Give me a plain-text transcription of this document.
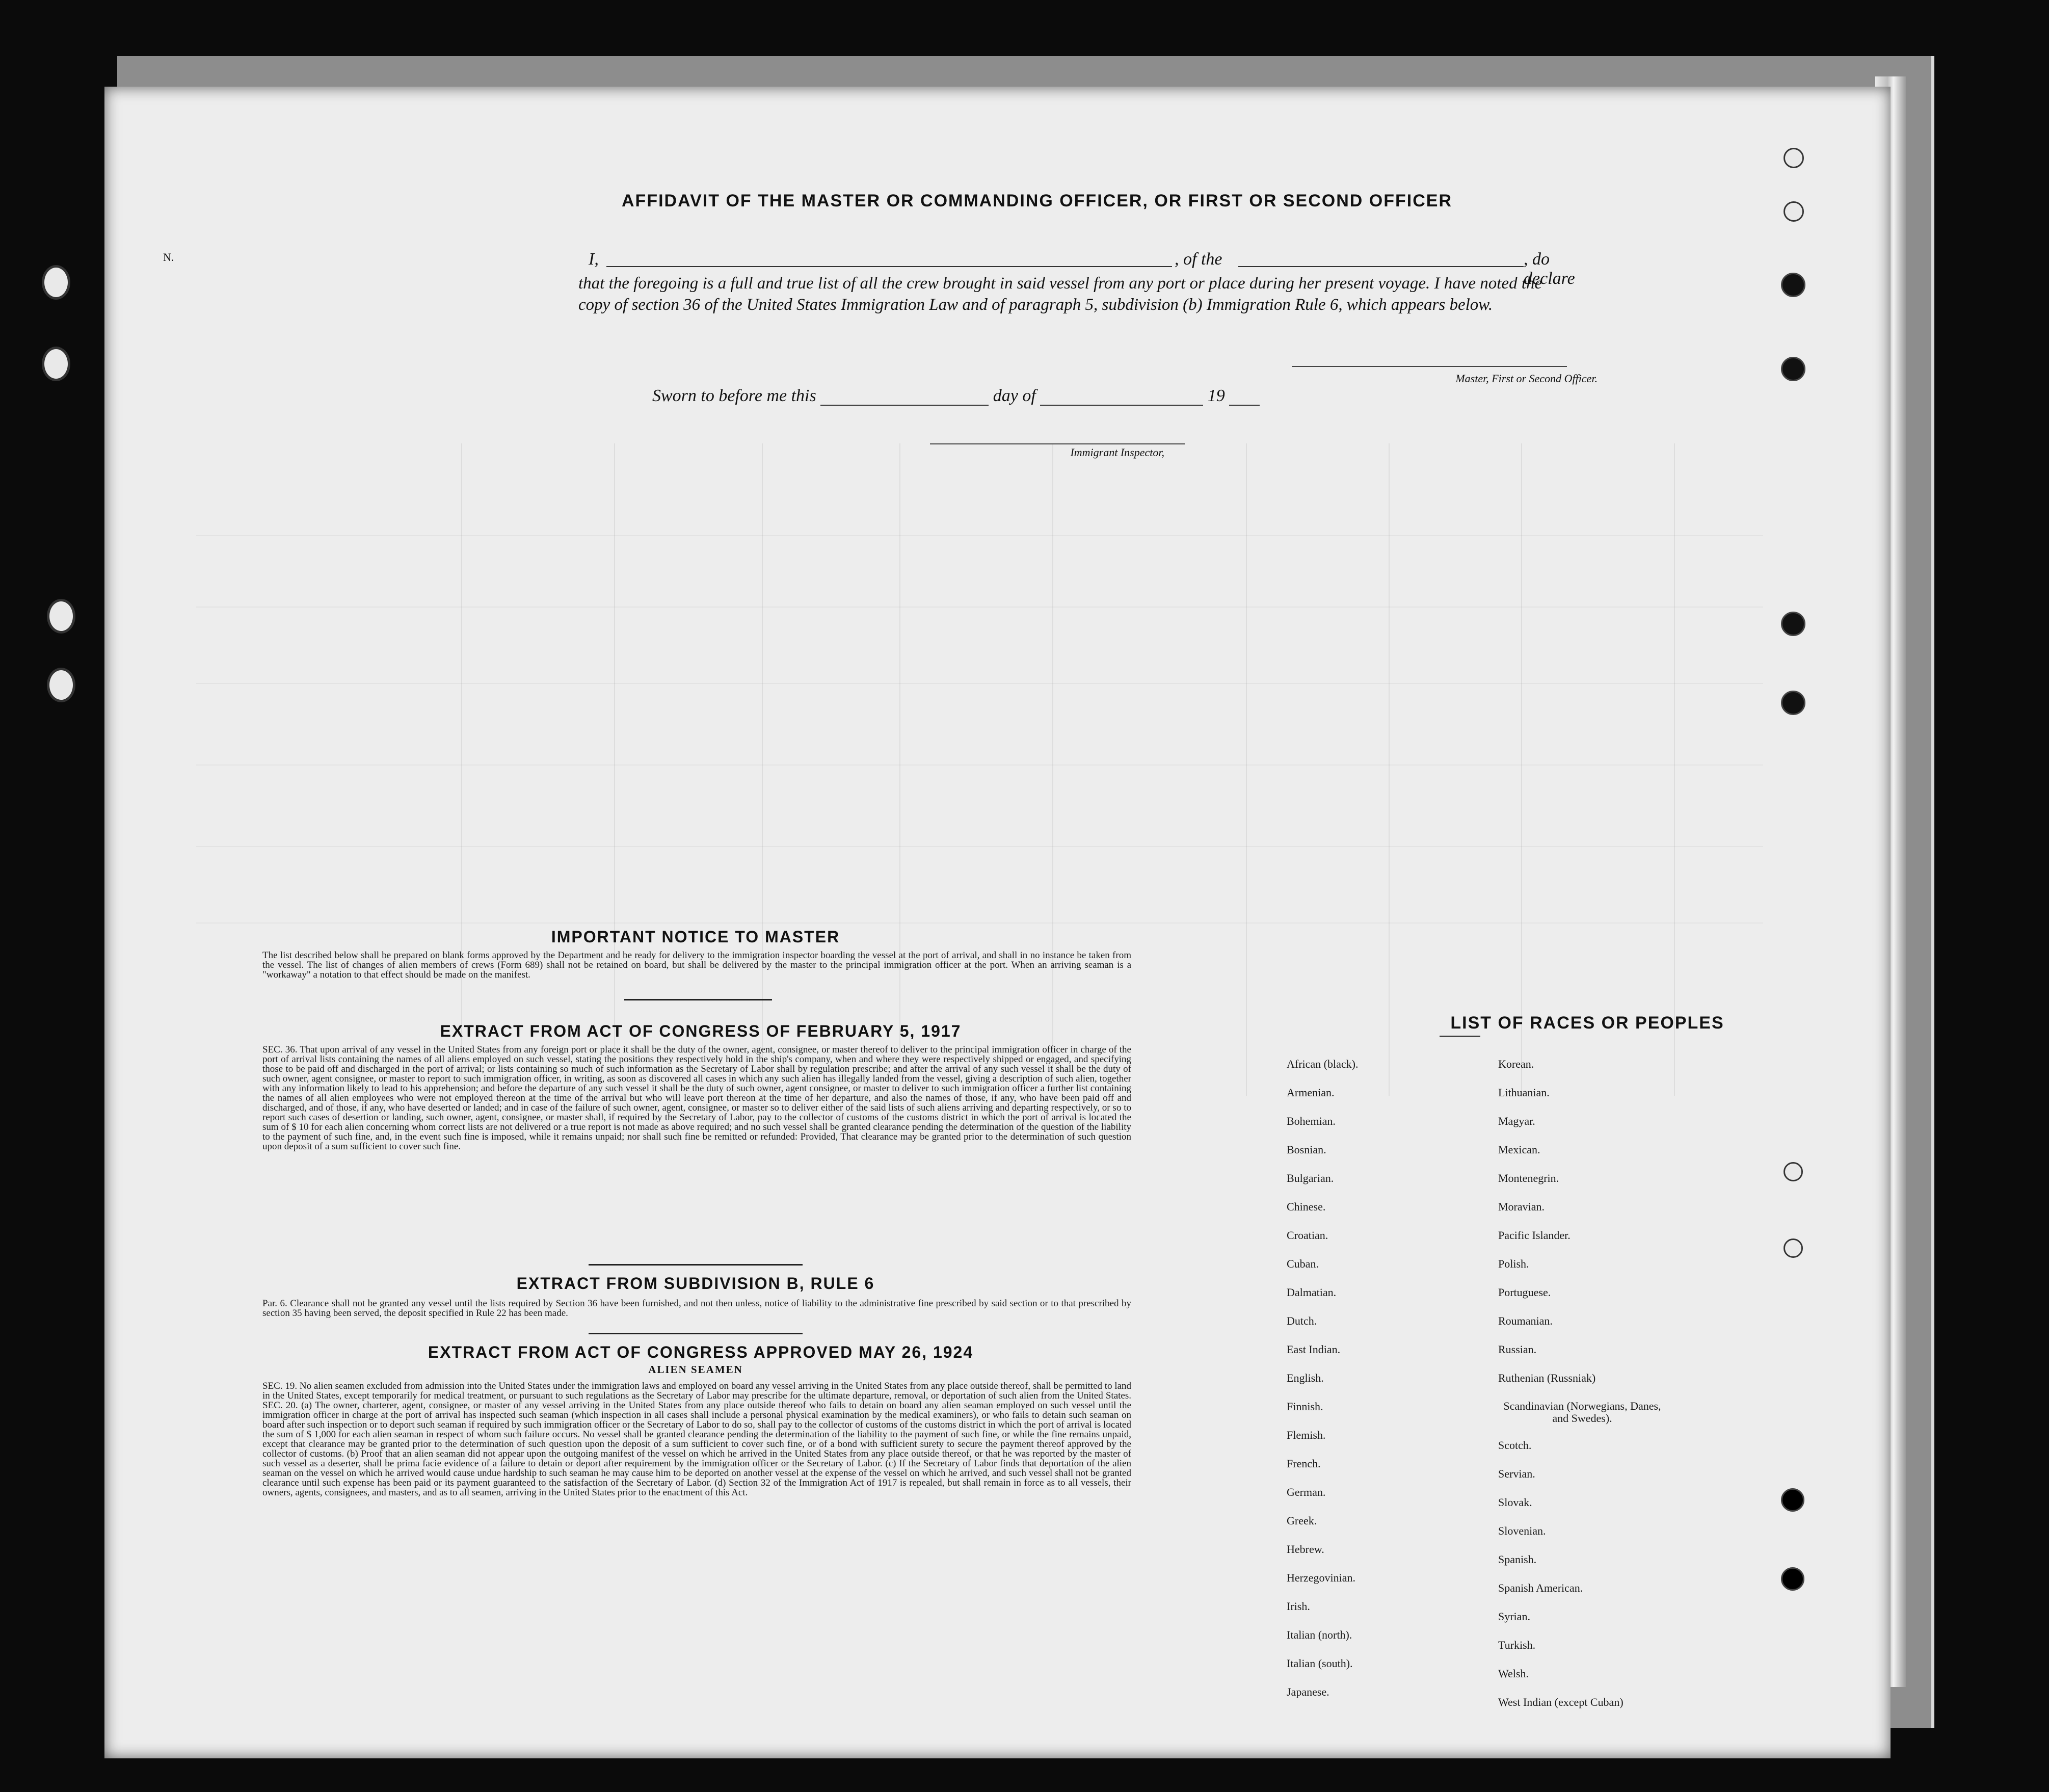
N.
AFFIDAVIT OF THE MASTER OR COMMANDING OFFICER, OR FIRST OR SECOND OFFICER
I,	, of the	, do declare
that the foregoing is a full and true list of all the crew brought in said vessel from any port or place during her present voyage. I have noted the copy of section 36 of the United States Immigration Law and of paragraph 5, subdivision (b) Immigration Rule 6, which appears below.
Sworn to before me this	day of	19
Master, First or Second Officer.
Immigrant Inspector,
IMPORTANT NOTICE TO MASTER
The list described below shall be prepared on blank forms approved by the Department and be ready for delivery to the immigration inspector boarding the vessel at the port of arrival, and shall in no instance be taken from the vessel. The list of changes of alien members of crews (Form 689) shall not be retained on board, but shall be delivered by the master to the principal immigration officer at the port. When an arriving seaman is a "workaway" a notation to that effect should be made on the manifest.
EXTRACT FROM ACT OF CONGRESS OF FEBRUARY 5, 1917
SEC. 36. That upon arrival of any vessel in the United States from any foreign port or place it shall be the duty of the owner, agent, consignee, or master thereof to deliver to the principal immigration officer in charge of the port of arrival lists containing the names of all aliens employed on such vessel, stating the positions they respectively hold in the ship's company, when and where they were respectively shipped or engaged, and specifying those to be paid off and discharged in the port of arrival; or lists containing so much of such information as the Secretary of Labor shall by regulation prescribe; and after the arrival of any such vessel it shall be the duty of such owner, agent consignee, or master to report to such immigration officer, in writing, as soon as discovered all cases in which any such alien has illegally landed from the vessel, giving a description of such alien, together with any information likely to lead to his apprehension; and before the departure of any such vessel it shall be the duty of such owner, agent consignee, or master to deliver to such immigration officer a further list containing the names of all alien employees who were not employed thereon at the time of the arrival but who will leave port thereon at the time of her departure, and also the names of those, if any, who have been paid off and discharged, and of those, if any, who have deserted or landed; and in case of the failure of such owner, agent, consignee, or master so to deliver either of the said lists of such aliens arriving and departing respectively, or so to report such cases of desertion or landing, such owner, agent, consignee, or master shall, if required by the Secretary of Labor, pay to the collector of customs of the customs district in which the port of arrival is located the sum of $ 10 for each alien concerning whom correct lists are not delivered or a true report is not made as above required; and no such vessel shall be granted clearance pending the determination of the question of the liability to the payment of such fine, and, in the event such fine is imposed, while it remains unpaid; nor shall such fine be remitted or refunded: Provided, That clearance may be granted prior to the determination of such question upon deposit of a sum sufficient to cover such fine.
EXTRACT FROM SUBDIVISION B, RULE 6
Par. 6. Clearance shall not be granted any vessel until the lists required by Section 36 have been furnished, and not then unless, notice of liability to the administrative fine prescribed by said section or to that prescribed by section 35 having been served, the deposit specified in Rule 22 has been made.
EXTRACT FROM ACT OF CONGRESS APPROVED MAY 26, 1924
ALIEN SEAMEN
SEC. 19. No alien seamen excluded from admission into the United States under the immigration laws and employed on board any vessel arriving in the United States from any place outside thereof, shall be permitted to land in the United States, except temporarily for medical treatment, or pursuant to such regulations as the Secretary of Labor may prescribe for the ultimate departure, removal, or deportation of such alien from the United States. SEC. 20. (a) The owner, charterer, agent, consignee, or master of any vessel arriving in the United States from any place outside thereof who fails to detain on board any alien seaman employed on such vessel until the immigration officer in charge at the port of arrival has inspected such seaman (which inspection in all cases shall include a personal physical examination by the medical examiners), or who fails to detain such seaman on board after such inspection or to deport such seaman if required by such immigration officer or the Secretary of Labor to do so, shall pay to the collector of customs of the customs district in which the port of arrival is located the sum of $ 1,000 for each alien seaman in respect of whom such failure occurs. No vessel shall be granted clearance pending the determination of the liability to the payment of such fine, or while the fine remains unpaid, except that clearance may be granted prior to the determination of such question upon the deposit of a sum sufficient to cover such fine, or of a bond with sufficient surety to secure the payment thereof approved by the collector of customs. (b) Proof that an alien seaman did not appear upon the outgoing manifest of the vessel on which he arrived in the United States from any place outside thereof, or that he was reported by the master of such vessel as a deserter, shall be prima facie evidence of a failure to detain or deport after requirement by the immigration officer or the Secretary of Labor. (c) If the Secretary of Labor finds that deportation of the alien seaman on the vessel on which he arrived would cause undue hardship to such seaman he may cause him to be deported on another vessel at the expense of the vessel on which he arrived, and such vessel shall not be granted clearance until such expense has been paid or its payment guaranteed to the satisfaction of the Secretary of Labor. (d) Section 32 of the Immigration Act of 1917 is repealed, but shall remain in force as to all vessels, their owners, agents, consignees, and masters, and as to all seamen, arriving in the United States prior to the enactment of this Act.
LIST OF RACES OR PEOPLES
African (black).
Armenian.
Bohemian.
Bosnian.
Bulgarian.
Chinese.
Croatian.
Cuban.
Dalmatian.
Dutch.
East Indian.
English.
Finnish.
Flemish.
French.
German.
Greek.
Hebrew.
Herzegovinian.
Irish.
Italian (north).
Italian (south).
Japanese.
Korean.
Lithuanian.
Magyar.
Mexican.
Montenegrin.
Moravian.
Pacific Islander.
Polish.
Portuguese.
Roumanian.
Russian.
Ruthenian (Russniak)
Scandinavian (Norwegians, Danes, and Swedes).
Scotch.
Servian.
Slovak.
Slovenian.
Spanish.
Spanish American.
Syrian.
Turkish.
Welsh.
West Indian (except Cuban)
